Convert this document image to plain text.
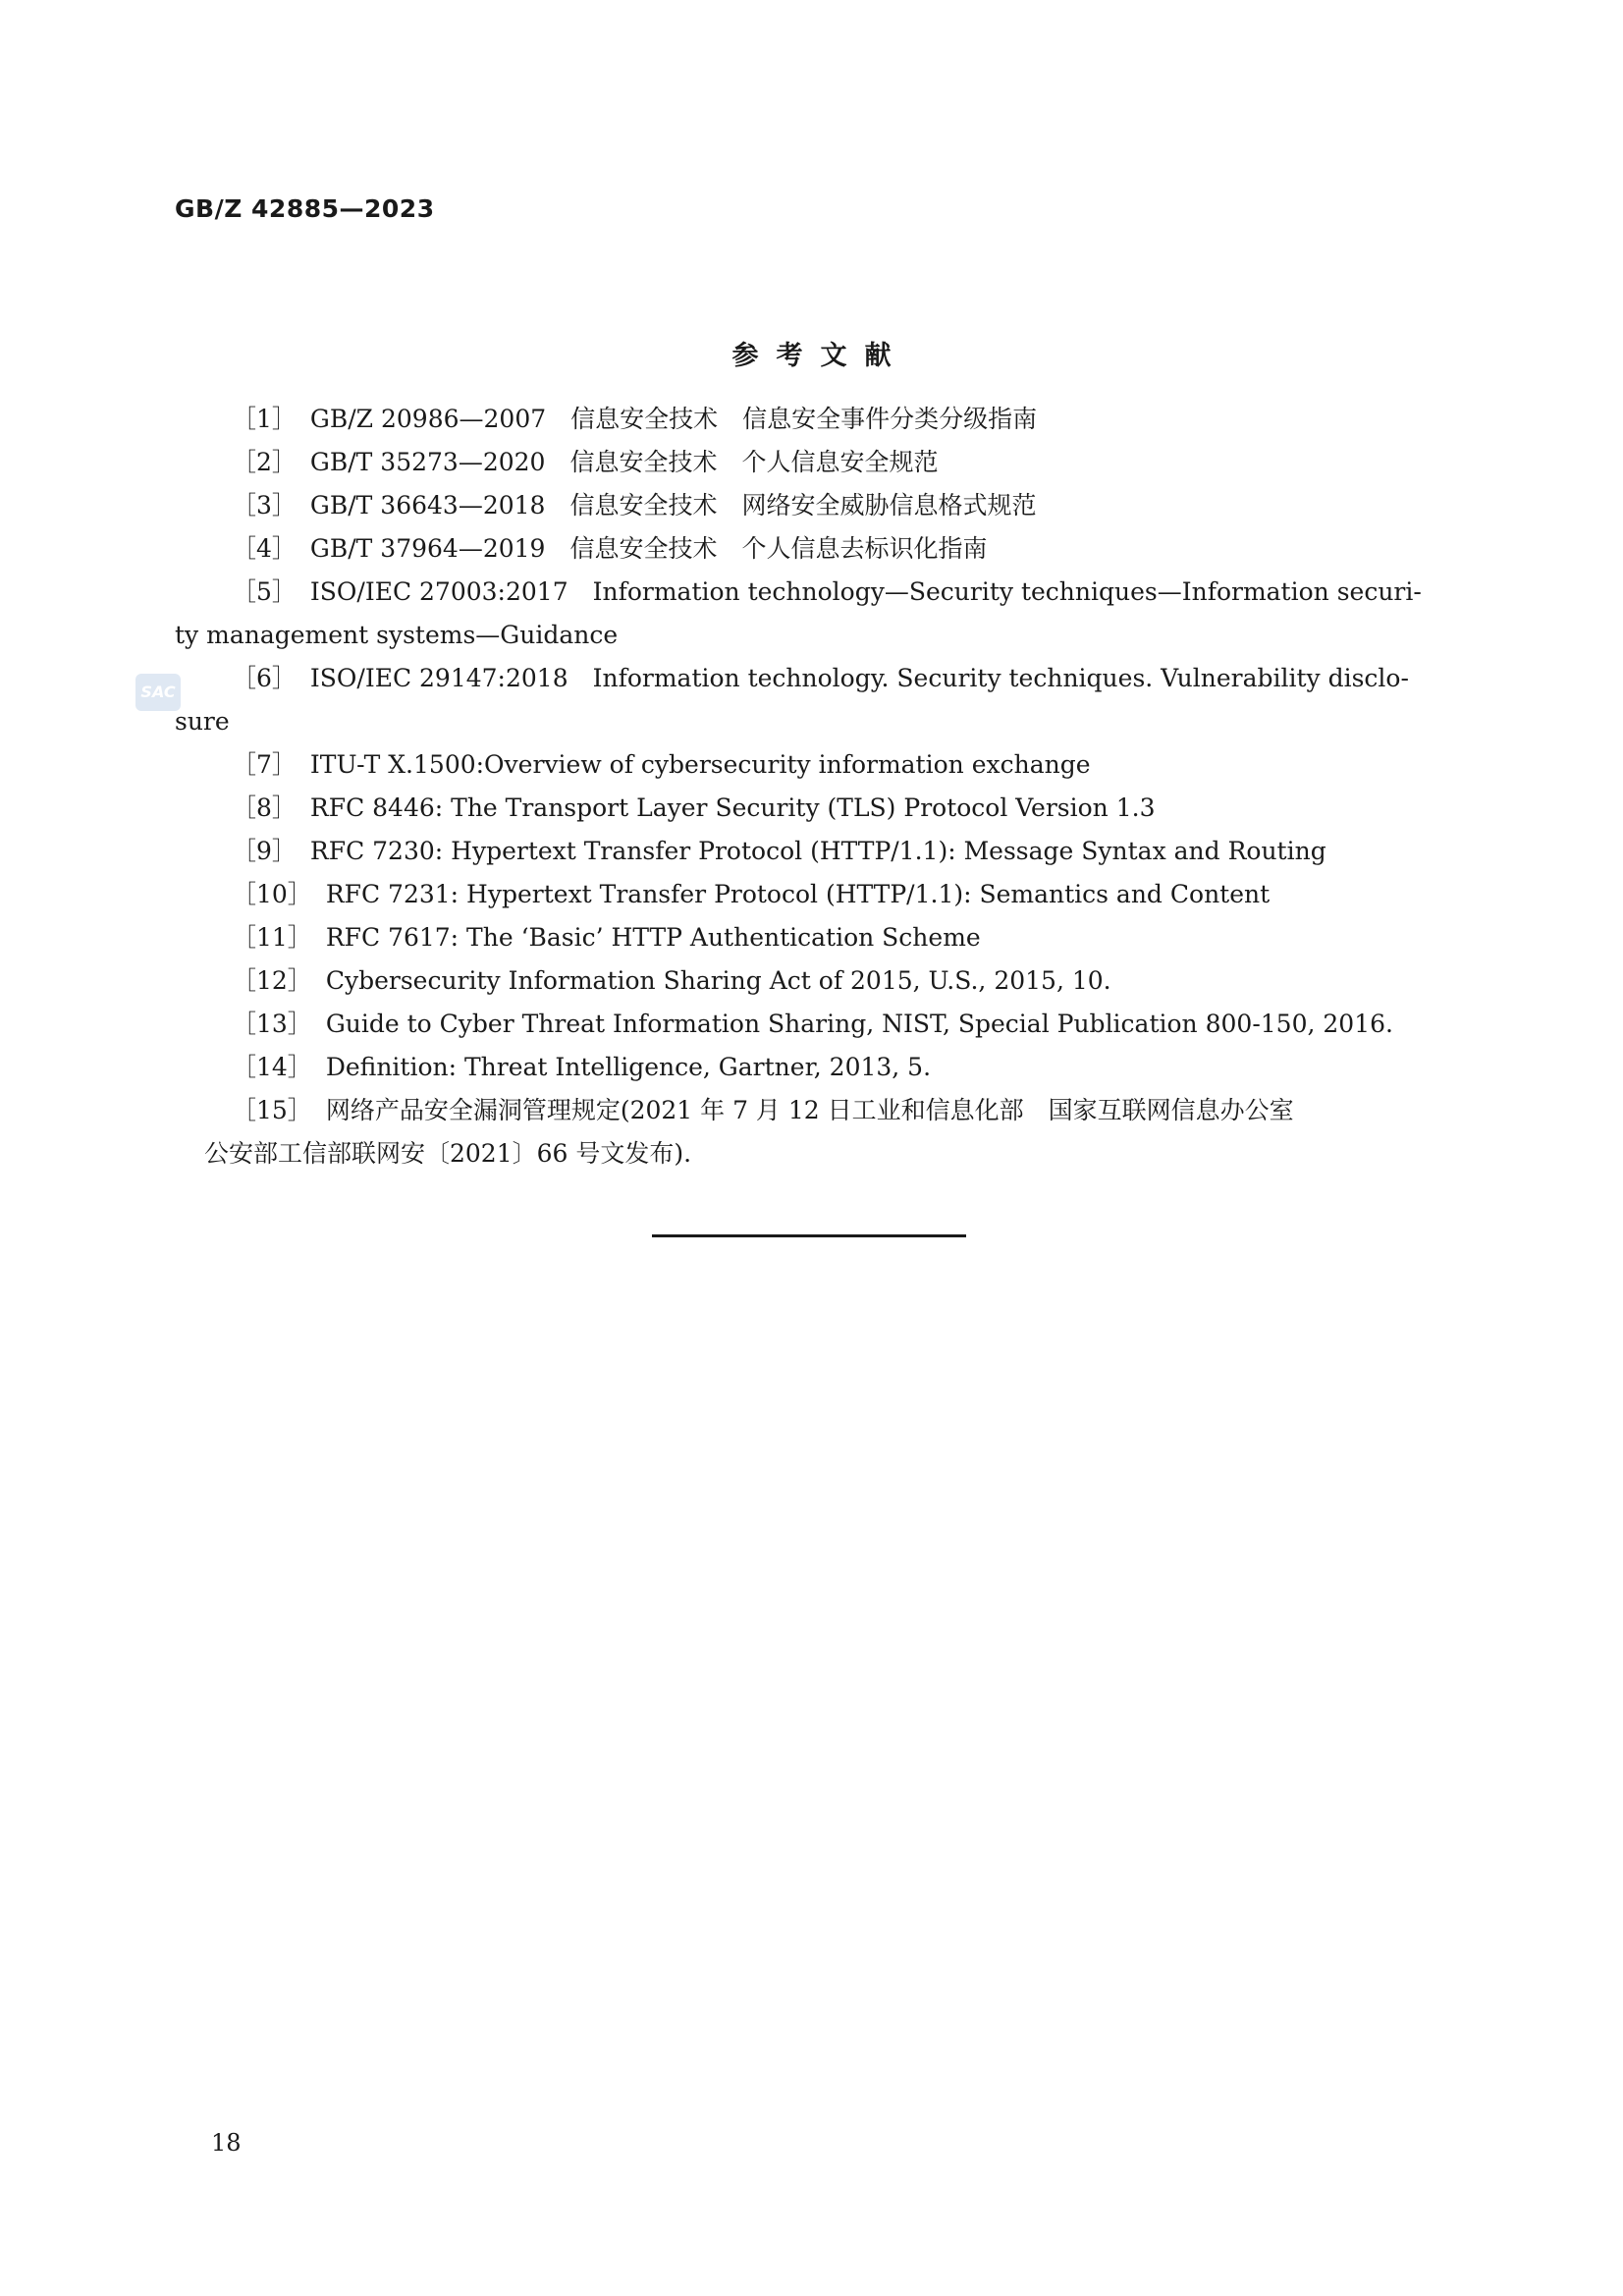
GB/Z 42885—2023
SAC
参考文献
［1］ GB/Z 20986—2007　信息安全技术　信息安全事件分类分级指南
［2］ GB/T 35273—2020　信息安全技术　个人信息安全规范
［3］ GB/T 36643—2018　信息安全技术　网络安全威胁信息格式规范
［4］ GB/T 37964—2019　信息安全技术　个人信息去标识化指南
［5］ ISO/IEC 27003:2017　Information technology—Security techniques—Information securi-
ty management systems—Guidance
［6］ ISO/IEC 29147:2018　Information technology. Security techniques. Vulnerability disclo-
sure
［7］ ITU-T X.1500:Overview of cybersecurity information exchange
［8］ RFC 8446: The Transport Layer Security (TLS) Protocol Version 1.3
［9］ RFC 7230: Hypertext Transfer Protocol (HTTP/1.1): Message Syntax and Routing
［10］ RFC 7231: Hypertext Transfer Protocol (HTTP/1.1): Semantics and Content
［11］ RFC 7617: The ‘Basic’ HTTP Authentication Scheme
［12］ Cybersecurity Information Sharing Act of 2015, U.S., 2015, 10.
［13］ Guide to Cyber Threat Information Sharing, NIST, Special Publication 800-150, 2016.
［14］ Definition: Threat Intelligence, Gartner, 2013, 5.
［15］ 网络产品安全漏洞管理规定(2021 年 7 月 12 日工业和信息化部　国家互联网信息办公室
公安部工信部联网安〔2021〕66 号文发布).
18
